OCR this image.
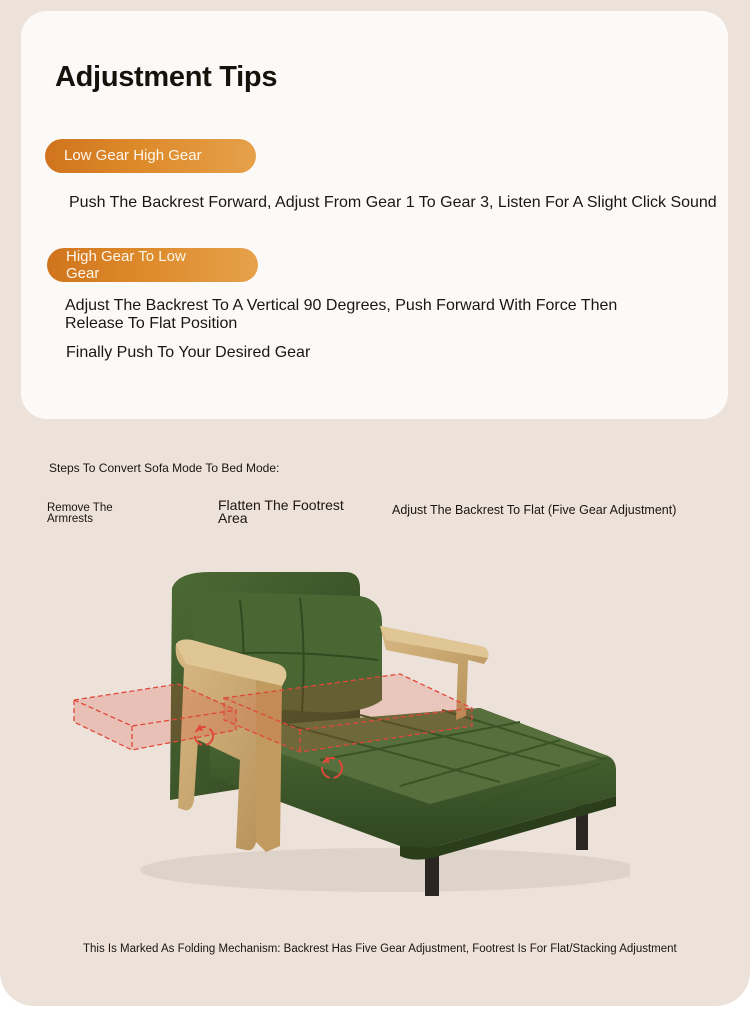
Adjustment Tips
Low Gear High Gear
Push The Backrest Forward, Adjust From Gear 1 To Gear 3, Listen For A Slight Click Sound
High Gear To Low Gear
Adjust The Backrest To A Vertical 90 Degrees, Push Forward With Force Then Release To Flat Position
Finally Push To Your Desired Gear
Steps To Convert Sofa Mode To Bed Mode:
Remove The Armrests
Flatten The Footrest Area	Adjust The Backrest To Flat (Five Gear Adjustment)
This Is Marked As Folding Mechanism: Backrest Has Five Gear Adjustment, Footrest Is For Flat/Stacking Adjustment
